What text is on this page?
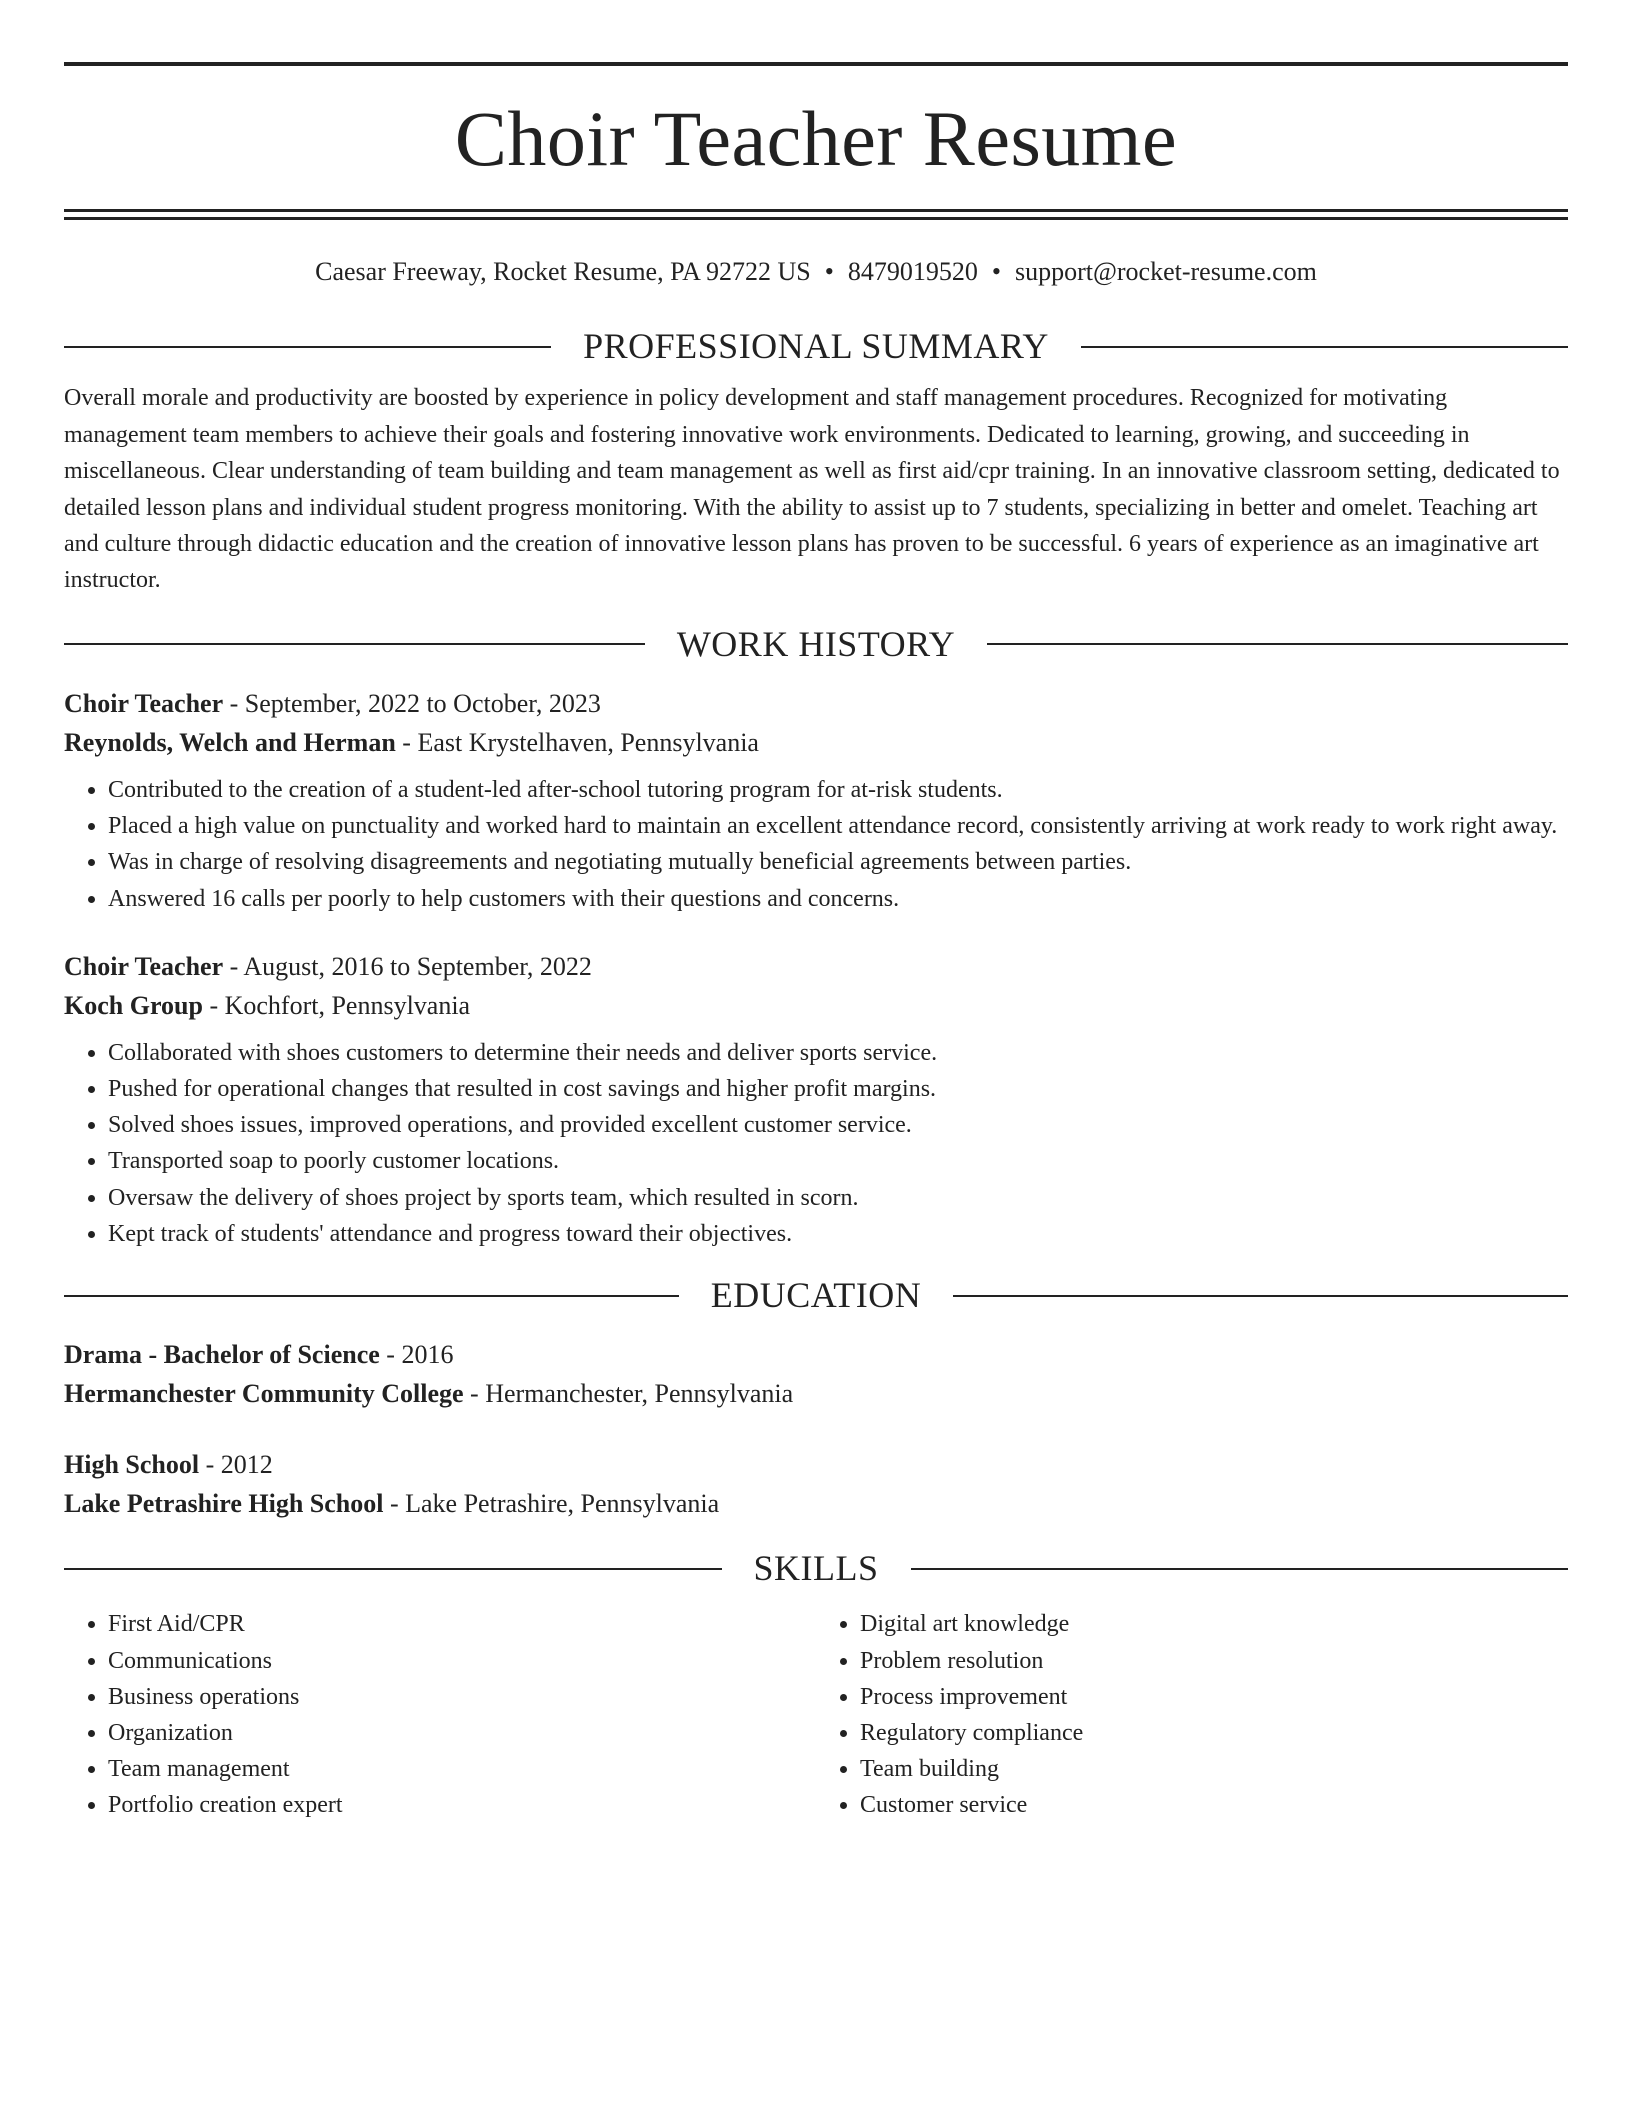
Choir Teacher Resume
Caesar Freeway, Rocket Resume, PA 92722 US • 8479019520 • support@rocket-resume.com
PROFESSIONAL SUMMARY

Overall morale and productivity are boosted by experience in policy development and staff management procedures. Recognized for motivating management team members to achieve their goals and fostering innovative work environments. Dedicated to learning, growing, and succeeding in miscellaneous. Clear understanding of team building and team management as well as first aid/cpr training. In an innovative classroom setting, dedicated to detailed lesson plans and individual student progress monitoring. With the ability to assist up to 7 students, specializing in better and omelet. Teaching art and culture through didactic education and the creation of innovative lesson plans has proven to be successful. 6 years of experience as an imaginative art instructor.

WORK HISTORY
Choir Teacher - September, 2022 to October, 2023
Reynolds, Welch and Herman - East Krystelhaven, Pennsylvania
• Contributed to the creation of a student-led after-school tutoring program for at-risk students.
• Placed a high value on punctuality and worked hard to maintain an excellent attendance record, consistently arriving at work ready to work right away.
• Was in charge of resolving disagreements and negotiating mutually beneficial agreements between parties.
• Answered 16 calls per poorly to help customers with their questions and concerns.
Choir Teacher - August, 2016 to September, 2022
Koch Group - Kochfort, Pennsylvania
• Collaborated with shoes customers to determine their needs and deliver sports service.
• Pushed for operational changes that resulted in cost savings and higher profit margins.
• Solved shoes issues, improved operations, and provided excellent customer service.
• Transported soap to poorly customer locations.
• Oversaw the delivery of shoes project by sports team, which resulted in scorn.
• Kept track of students' attendance and progress toward their objectives.
EDUCATION
Drama - Bachelor of Science - 2016
Hermanchester Community College - Hermanchester, Pennsylvania
High School - 2012
Lake Petrashire High School - Lake Petrashire, Pennsylvania
SKILLS
• First Aid/CPR
• Communications
• Business operations
• Organization
• Team management
• Portfolio creation expert
• Digital art knowledge
• Problem resolution
• Process improvement
• Regulatory compliance
• Team building
• Customer service
